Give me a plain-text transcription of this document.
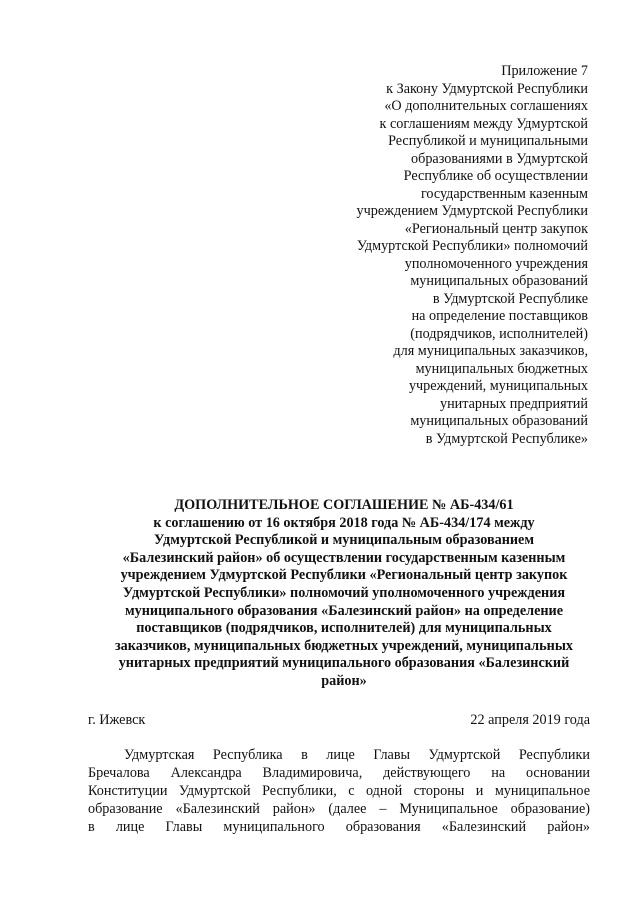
Приложение 7
к Закону Удмуртской Республики
«О дополнительных соглашениях
к соглашениям между Удмуртской
Республикой и муниципальными
образованиями в Удмуртской
Республике об осуществлении
государственным казенным
учреждением Удмуртской Республики
«Региональный центр закупок
Удмуртской Республики» полномочий
уполномоченного учреждения
муниципальных образований
в Удмуртской Республике
на определение поставщиков
(подрядчиков, исполнителей)
для муниципальных заказчиков,
муниципальных бюджетных
учреждений, муниципальных
унитарных предприятий
муниципальных образований
в Удмуртской Республике»
ДОПОЛНИТЕЛЬНОЕ СОГЛАШЕНИЕ № АБ-434/61
к соглашению от 16 октября 2018 года № АБ-434/174 между
Удмуртской Республикой и муниципальным образованием
«Балезинский район» об осуществлении государственным казенным
учреждением Удмуртской Республики «Региональный центр закупок
Удмуртской Республики» полномочий уполномоченного учреждения
муниципального образования «Балезинский район» на определение
поставщиков (подрядчиков, исполнителей) для муниципальных
заказчиков, муниципальных бюджетных учреждений, муниципальных
унитарных предприятий муниципального образования «Балезинский
район»
г. Ижевск	22 апреля 2019 года
Удмуртская Республика в лице Главы Удмуртской Республики
Бречалова Александра Владимировича, действующего на основании
Конституции Удмуртской Республики, с одной стороны и муниципальное
образование «Балезинский район» (далее – Муниципальное образование)
в лице Главы муниципального образования «Балезинский район»
